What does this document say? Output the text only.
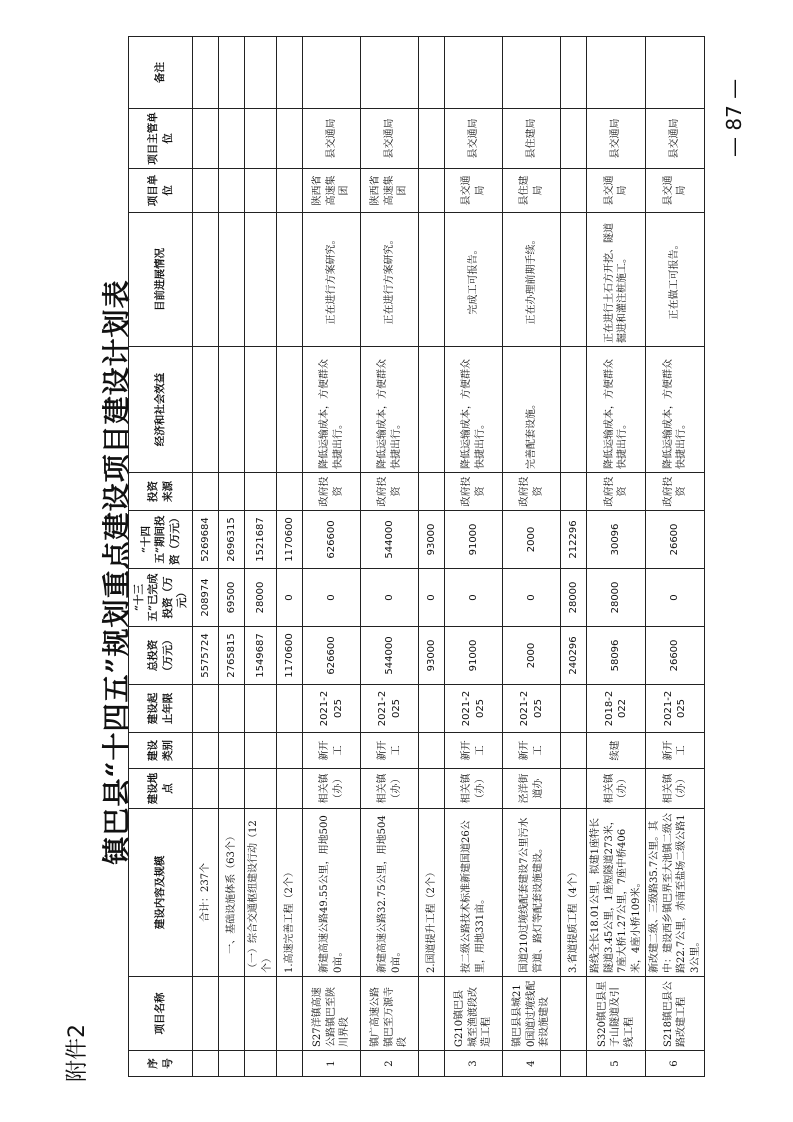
附件2
镇巴县“十四五”规划重点建设项目建设计划表
序号	项目名称	建设内容及规模	建设地点	建设类别	建设起止年限	总投资（万元）	“十三五”已完成投资（万元）	“十四五”期间投资（万元）	投资来源	经济和社会效益	目前进展情况	项目单位	项目主管单位	备注
		合计：237个				5575724	208974	5269684						
		一、基础设施体系（63个）				2765815	69500	2696315						
		（一）综合交通枢纽建设行动（12个）				1549687	28000	1521687						
		1.高速完善工程（2个）				1170600	0	1170600						
1	S27洋镇高速公路镇巴至陕川界段	新建高速公路49.55公里，用地5000亩。	相关镇（办）	新开工	2021-2025	626600	0	626600	政府投资	降低运输成本，方便群众快捷出行。	正在进行方案研究。	陕西省高速集团	县交通局	
2	镇广高速公路镇巴至万源寺段	新建高速公路32.75公里，用地5040亩。	相关镇（办）	新开工	2021-2025	544000	0	544000	政府投资	降低运输成本，方便群众快捷出行。	正在进行方案研究。	陕西省高速集团	县交通局	
		2.国道提升工程（2个）				93000	0	93000						
3	G210镇巴县城至渔渡段改造工程	按二级公路技术标准新建国道26公里，用地331亩。	相关镇（办）	新开工	2021-2025	91000	0	91000	政府投资	降低运输成本，方便群众快捷出行。	完成工可报告。	县交通局	县交通局	
4	镇巴县县城210国道过境线配套设施建设	国道210过境线配套建设7公里污水管道、路灯等配套设施建设。	泾洋街道办	新开工	2021-2025	2000	0	2000	政府投资	完善配套设施。	正在办理前期手续。	县住建局	县住建局	
		3.省道提质工程（4个）				240296	28000	212296						
5	S320镇巴县星子山隧道及引线工程	路线全长18.01公里，拟建1座特长隧道3.45公里，1座短隧道273米，7座大桥1.27公里，7座中桥406米，4座小桥109米。	相关镇（办）	续建	2018-2022	58096	28000	30096	政府投资	降低运输成本，方便群众快捷出行。	正在进行土石方开挖、隧道掘进和灌注桩施工。	县交通局	县交通局	
6	S218镇巴县公路改建工程	新改建二级、三级路35.7公里。其中：建设西乡镇巴界至大池镇二级公路22.7公里，赤南至盐场二级公路13公里。	相关镇（办）	新开工	2021-2025	26600	0	26600	政府投资	降低运输成本，方便群众快捷出行。	正在做工可报告。	县交通局	县交通局	— 87 —
